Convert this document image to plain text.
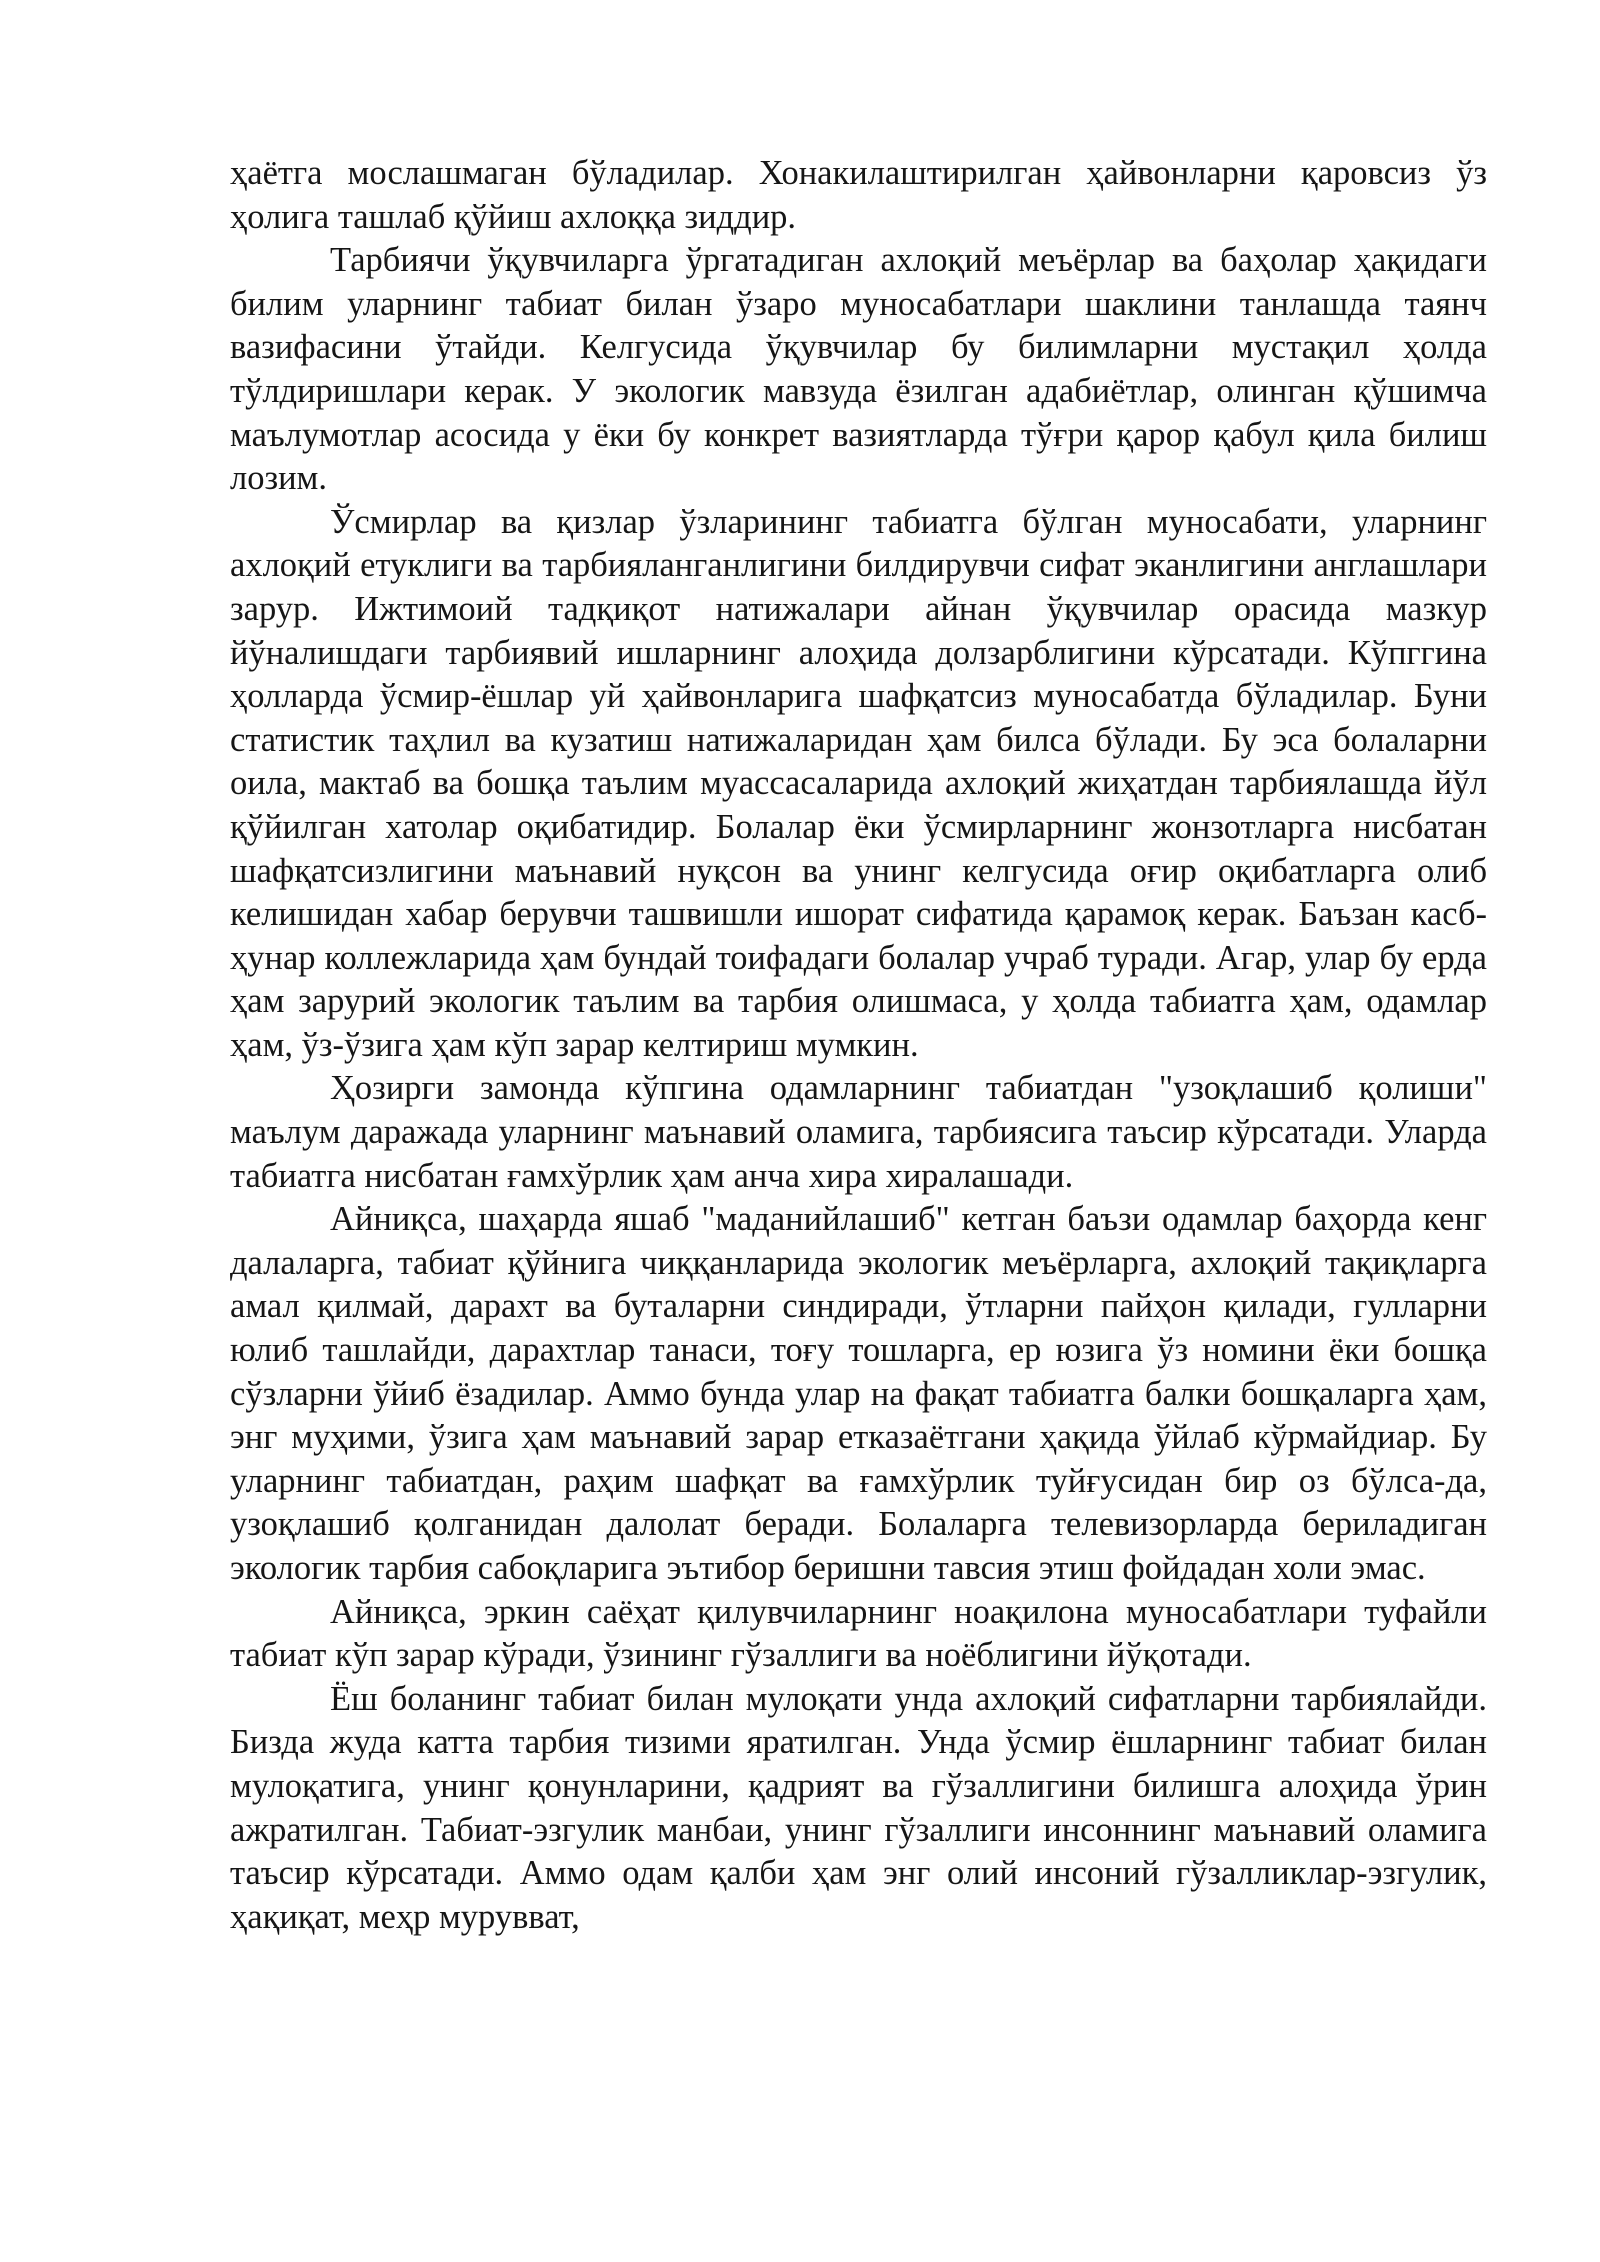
ҳаётга мослашмаган бўладилар. Хонакилаштирилган ҳайвонларни қаровсиз ўз ҳолига ташлаб қўйиш ахлоққа зиддир.

Тарбиячи ўқувчиларга ўргатадиган ахлоқий меъёрлар ва баҳолар ҳақидаги билим уларнинг табиат билан ўзаро муносабатлари шаклини танлашда таянч вазифасини ўтайди. Келгусида ўқувчилар бу билимларни мустақил ҳолда тўлдиришлари керак. У экологик мавзуда ёзилган адабиётлар, олинган қўшимча маълумотлар асосида у ёки бу конкрет вазиятларда тўғри қарор қабул қила билиш лозим.

Ўсмирлар ва қизлар ўзларининг табиатга бўлган муносабати, уларнинг ахлоқий етуклиги ва тарбияланганлигини билдирувчи сифат эканлигини англашлари зарур. Ижтимоий тадқиқот натижалари айнан ўқувчилар орасида мазкур йўналишдаги тарбиявий ишларнинг алоҳида долзарблигини кўрсатади. Кўпггина ҳолларда ўсмир-ёшлар уй ҳайвонларига шафқатсиз муносабатда бўладилар. Буни статистик таҳлил ва кузатиш натижаларидан ҳам билса бўлади. Бу эса болаларни оила, мактаб ва бошқа таълим муассасаларида ахлоқий жиҳатдан тарбиялашда йўл қўйилган хатолар оқибатидир. Болалар ёки ўсмирларнинг жонзотларга нисбатан шафқатсизлигини маънавий нуқсон ва унинг келгусида оғир оқибатларга олиб келишидан хабар берувчи ташвишли ишорат сифатида қарамоқ керак. Баъзан касб-ҳунар коллежларида ҳам бундай тоифадаги болалар учраб туради. Агар, улар бу ерда ҳам зарурий экологик таълим ва тарбия олишмаса, у ҳолда табиатга ҳам, одамлар ҳам, ўз-ўзига ҳам кўп зарар келтириш мумкин.

Ҳозирги замонда кўпгина одамларнинг табиатдан "узоқлашиб қолиши" маълум даражада уларнинг маънавий оламига, тарбиясига таъсир кўрсатади. Уларда табиатга нисбатан ғамхўрлик ҳам анча хира хиралашади.

Айниқса, шаҳарда яшаб "маданийлашиб" кетган баъзи одамлар баҳорда кенг далаларга, табиат қўйнига чиққанларида экологик меъёрларга, ахлоқий тақиқларга амал қилмай, дарахт ва буталарни синдиради, ўтларни пайҳон қилади, гулларни юлиб ташлайди, дарахтлар танаси, тоғу тошларга, ер юзига ўз номини ёки бошқа сўзларни ўйиб ёзадилар. Аммо бунда улар на фақат табиатга балки бошқаларга ҳам, энг муҳими, ўзига ҳам маънавий зарар етказаётгани ҳақида ўйлаб кўрмайдиар. Бу уларнинг табиатдан, раҳим шафқат ва ғамхўрлик туйғусидан бир оз бўлса-да, узоқлашиб қолганидан далолат беради. Болаларга телевизорларда бериладиган экологик тарбия сабоқларига эътибор беришни тавсия этиш фойдадан холи эмас.

Айниқса, эркин саёҳат қилувчиларнинг ноақилона муносабатлари туфайли табиат кўп зарар кўради, ўзининг гўзаллиги ва ноёблигини йўқотади.

Ёш боланинг табиат билан мулоқати унда ахлоқий сифатларни тарбиялайди. Бизда жуда катта тарбия тизими яратилган. Унда ўсмир ёшларнинг табиат билан мулоқатига, унинг қонунларини, қадрият ва гўзаллигини билишга алоҳида ўрин ажратилган. Табиат-эзгулик манбаи, унинг гўзаллиги инсоннинг маънавий оламига таъсир кўрсатади. Аммо одам қалби ҳам энг олий инсоний гўзалликлар-эзгулик, ҳақиқат, меҳр мурувват,
